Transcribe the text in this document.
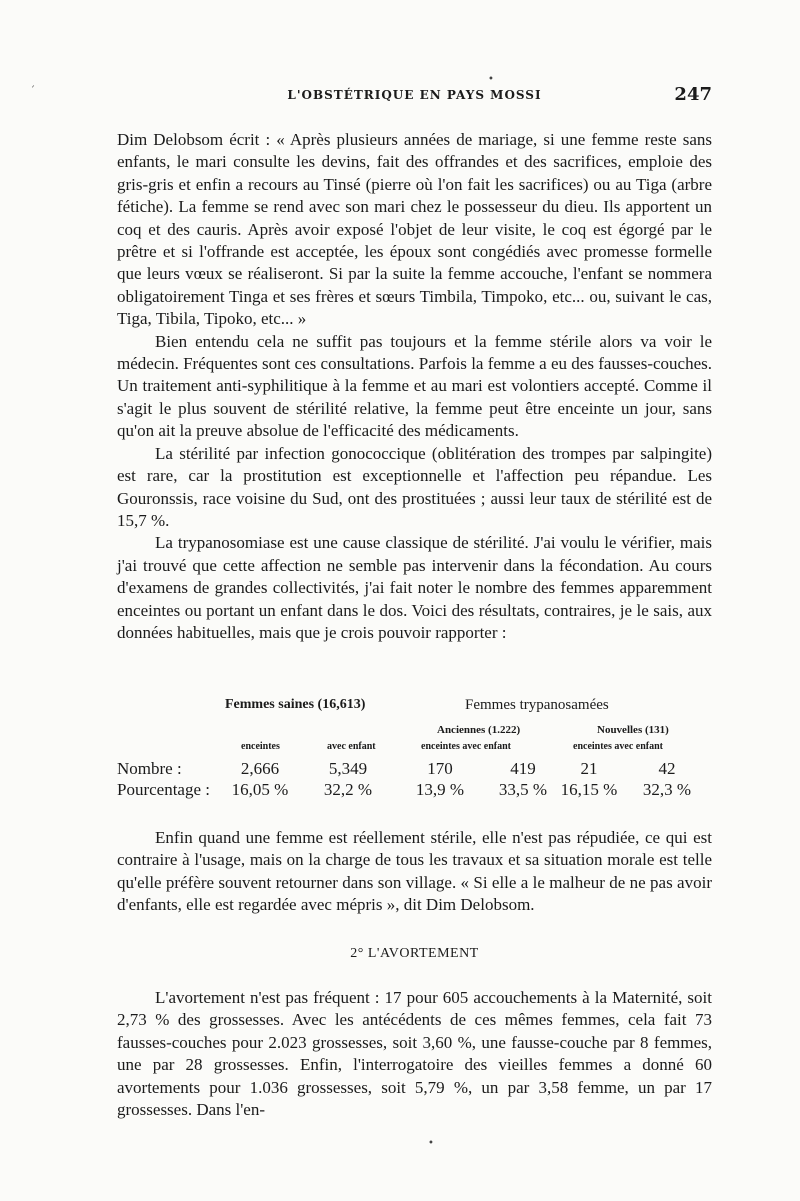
•
ˊ	L'OBSTÉTRIQUE EN PAYS MOSSI	247

Dim Delobsom écrit : « Après plusieurs années de mariage, si une femme reste sans enfants, le mari consulte les devins, fait des offrandes et des sacrifices, emploie des gris-gris et enfin a recours au Tinsé (pierre où l'on fait les sacrifices) ou au Tiga (arbre fétiche). La femme se rend avec son mari chez le possesseur du dieu. Ils apportent un coq et des cauris. Après avoir exposé l'objet de leur visite, le coq est égorgé par le prêtre et si l'offrande est acceptée, les époux sont congédiés avec promesse formelle que leurs vœux se réaliseront. Si par la suite la femme accouche, l'enfant se nommera obligatoirement Tinga et ses frères et sœurs Timbila, Timpoko, etc... ou, suivant le cas, Tiga, Tibila, Tipoko, etc... »

Bien entendu cela ne suffit pas toujours et la femme stérile alors va voir le médecin. Fréquentes sont ces consultations. Parfois la femme a eu des fausses-couches. Un traitement anti-syphilitique à la femme et au mari est volontiers accepté. Comme il s'agit le plus souvent de stérilité relative, la femme peut être enceinte un jour, sans qu'on ait la preuve absolue de l'efficacité des médicaments.

La stérilité par infection gonococcique (oblitération des trompes par salpingite) est rare, car la prostitution est exceptionnelle et l'affection peu répandue. Les Gouronssis, race voisine du Sud, ont des prostituées ; aussi leur taux de stérilité est de 15,7 %.

La trypanosomiase est une cause classique de stérilité. J'ai voulu le vérifier, mais j'ai trouvé que cette affection ne semble pas intervenir dans la fécondation. Au cours d'examens de grandes collectivités, j'ai fait noter le nombre des femmes apparemment enceintes ou portant un enfant dans le dos. Voici des résultats, contraires, je le sais, aux données habituelles, mais que je crois pouvoir rapporter :

Femmes saines (16,613)	Femmes trypanosamées
Anciennes (1.222)	Nouvelles (131)
enceintes	avec enfant	enceintes avec enfant	enceintes avec enfant
Nombre :	2,666	5,349	170	419	21	42
Pourcentage :	16,05 %	32,2 %	13,9 %	33,5 % 16,15 %	32,3 %

Enfin quand une femme est réellement stérile, elle n'est pas répudiée, ce qui est contraire à l'usage, mais on la charge de tous les travaux et sa situation morale est telle qu'elle préfère souvent retourner dans son village. « Si elle a le malheur de ne pas avoir d'enfants, elle est regardée avec mépris », dit Dim Delobsom.

2° L'AVORTEMENT

L'avortement n'est pas fréquent : 17 pour 605 accouchements à la Maternité, soit 2,73 % des grossesses. Avec les antécédents de ces mêmes femmes, cela fait 73 fausses-couches pour 2.023 grossesses, soit 3,60 %, une fausse-couche par 8 femmes, une par 28 grossesses. Enfin, l'interrogatoire des vieilles femmes a donné 60 avortements pour 1.036 grossesses, soit 5,79 %, un par 3,58 femme, un par 17 grossesses. Dans l'en-

•
